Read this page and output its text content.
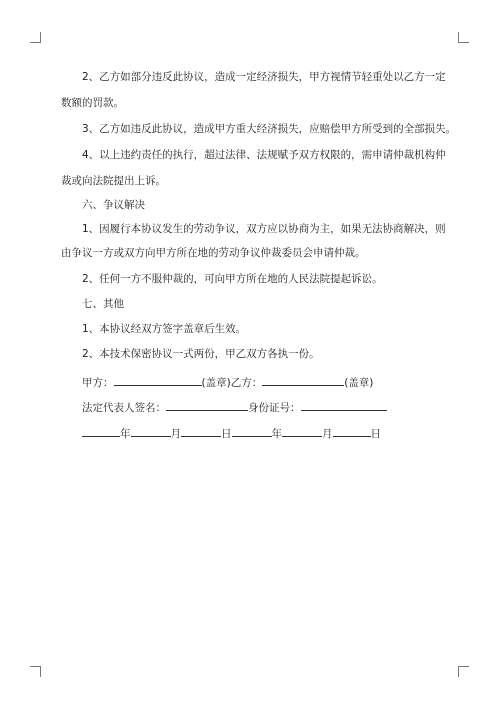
2、乙方如部分违反此协议，造成一定经济损失，甲方视情节轻重处以乙方一定
数额的罚款。
3、乙方如违反此协议，造成甲方重大经济损失，应赔偿甲方所受到的全部损失。
4、以上违约责任的执行，超过法律、法规赋予双方权限的，需申请仲裁机构仲
裁或向法院提出上诉。
六、争议解决
1、因履行本协议发生的劳动争议，双方应以协商为主，如果无法协商解决，则
由争议一方或双方向甲方所在地的劳动争议仲裁委员会申请仲裁。
2、任何一方不服仲裁的，可向甲方所在地的人民法院提起诉讼。
七、其他
1、本协议经双方签字盖章后生效。
2、本技术保密协议一式两份，甲乙双方各执一份。
甲方：	(盖章)乙方：	(盖章)
法定代表人签名：	身份证号：
年	月	日	年	月	日
